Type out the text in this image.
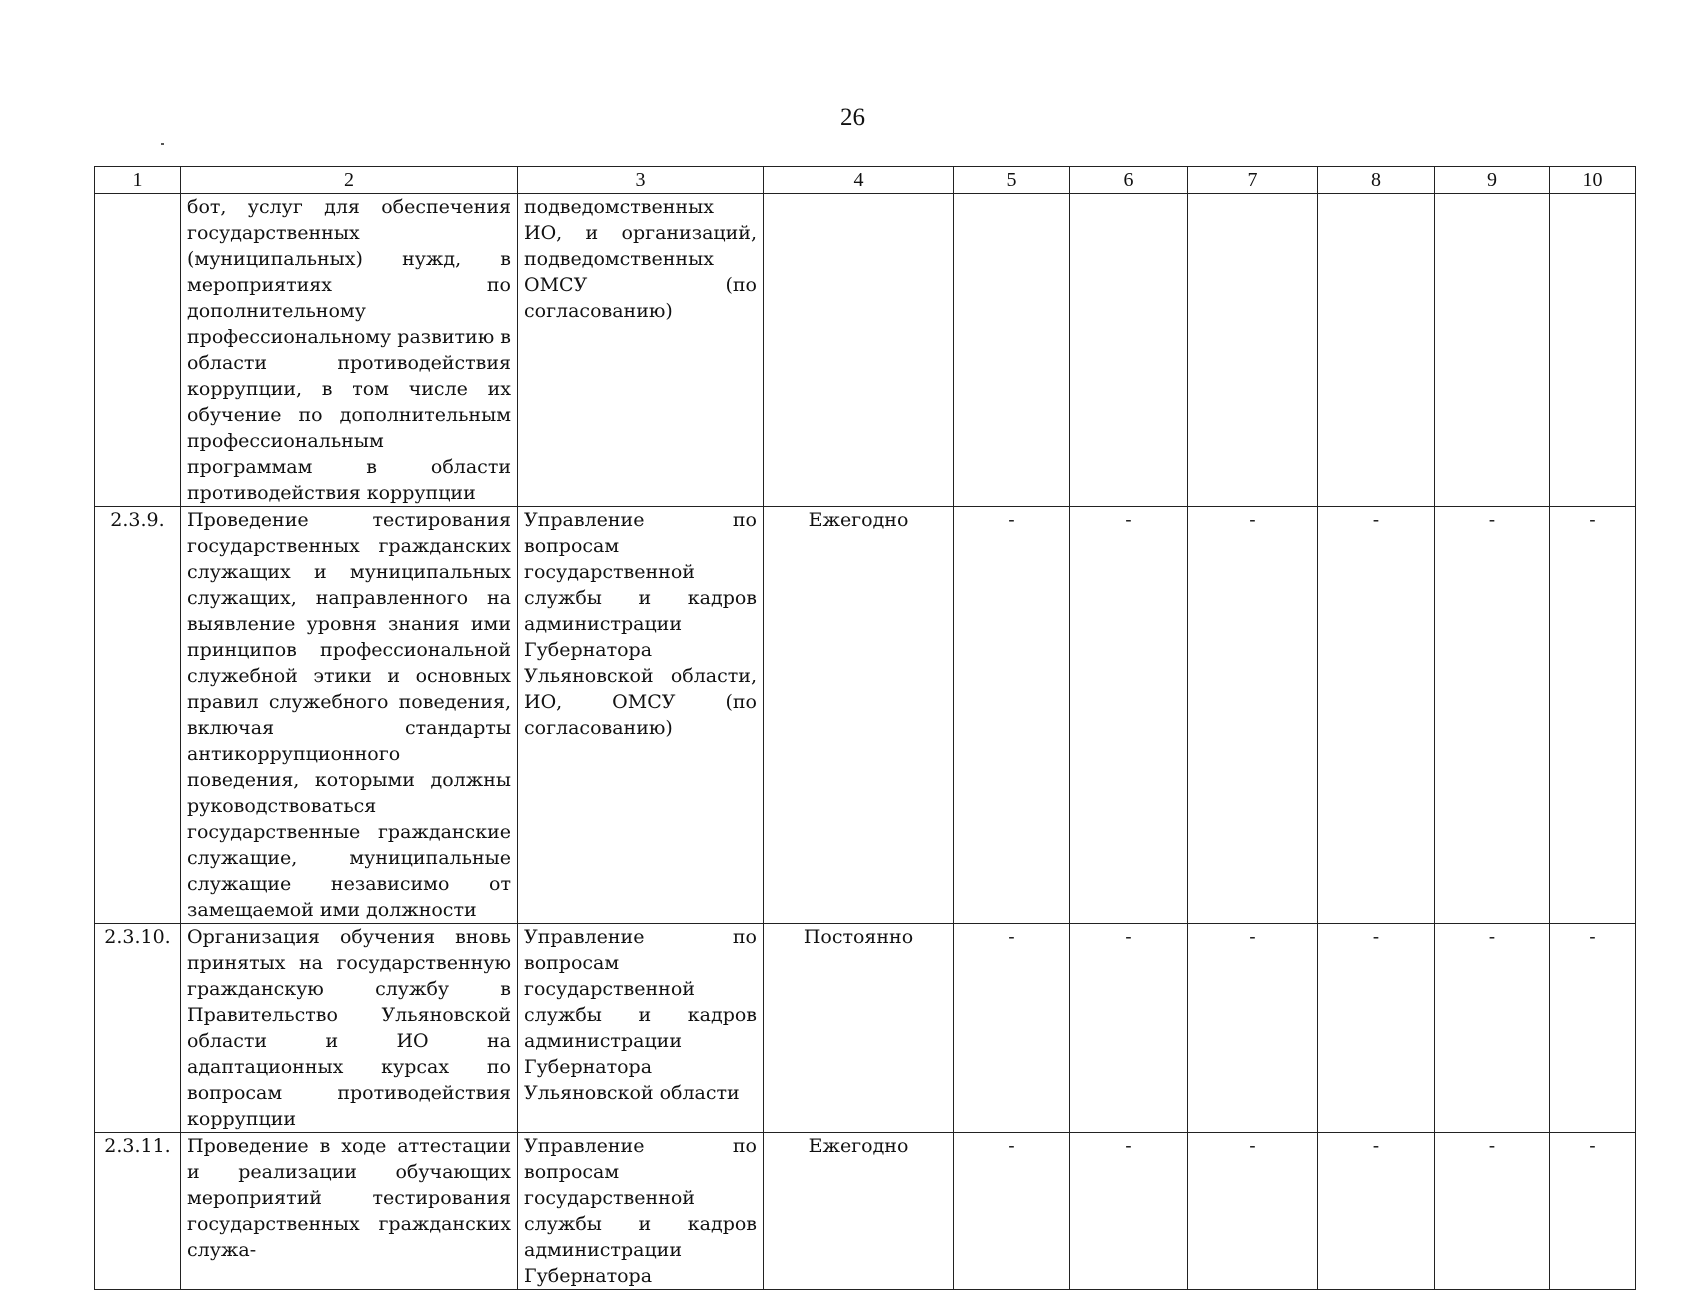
26
1	2	3	4	5	6	7	8	9	10
	бот, услуг для обеспечения государственных (муниципальных) нужд, в мероприятиях по дополнительному профессиональному развитию в области противодействия коррупции, в том числе их обучение по дополнительным профессиональным программам в области противодействия коррупции	подведомственных ИО, и организаций, подведомственных ОМСУ (по согласованию)							
2.3.9.	Проведение тестирования государственных гражданских служащих и муниципальных служащих, направленного на выявление уровня знания ими принципов профессиональной служебной этики и основных правил служебного поведения, включая стандарты антикоррупционного поведения, которыми должны руководствоваться государственные гражданские служащие, муниципальные служащие независимо от замещаемой ими должности	Управление по вопросам государственной службы и кадров администрации Губернатора Ульяновской области, ИО, ОМСУ (по согласованию)	Ежегодно	-	-	-	-	-	-
2.3.10.	Организация обучения вновь принятых на государственную гражданскую службу в Правительство Ульяновской области и ИО на адаптационных курсах по вопросам противодействия коррупции	Управление по вопросам государственной службы и кадров администрации Губернатора Ульяновской области	Постоянно	-	-	-	-	-	-
2.3.11.	Проведение в ходе аттестации и реализации обучающих мероприятий тестирования государственных гражданских служа-	Управление по вопросам государственной службы и кадров администрации Губернатора	Ежегодно	-	-	-	-	-	-
